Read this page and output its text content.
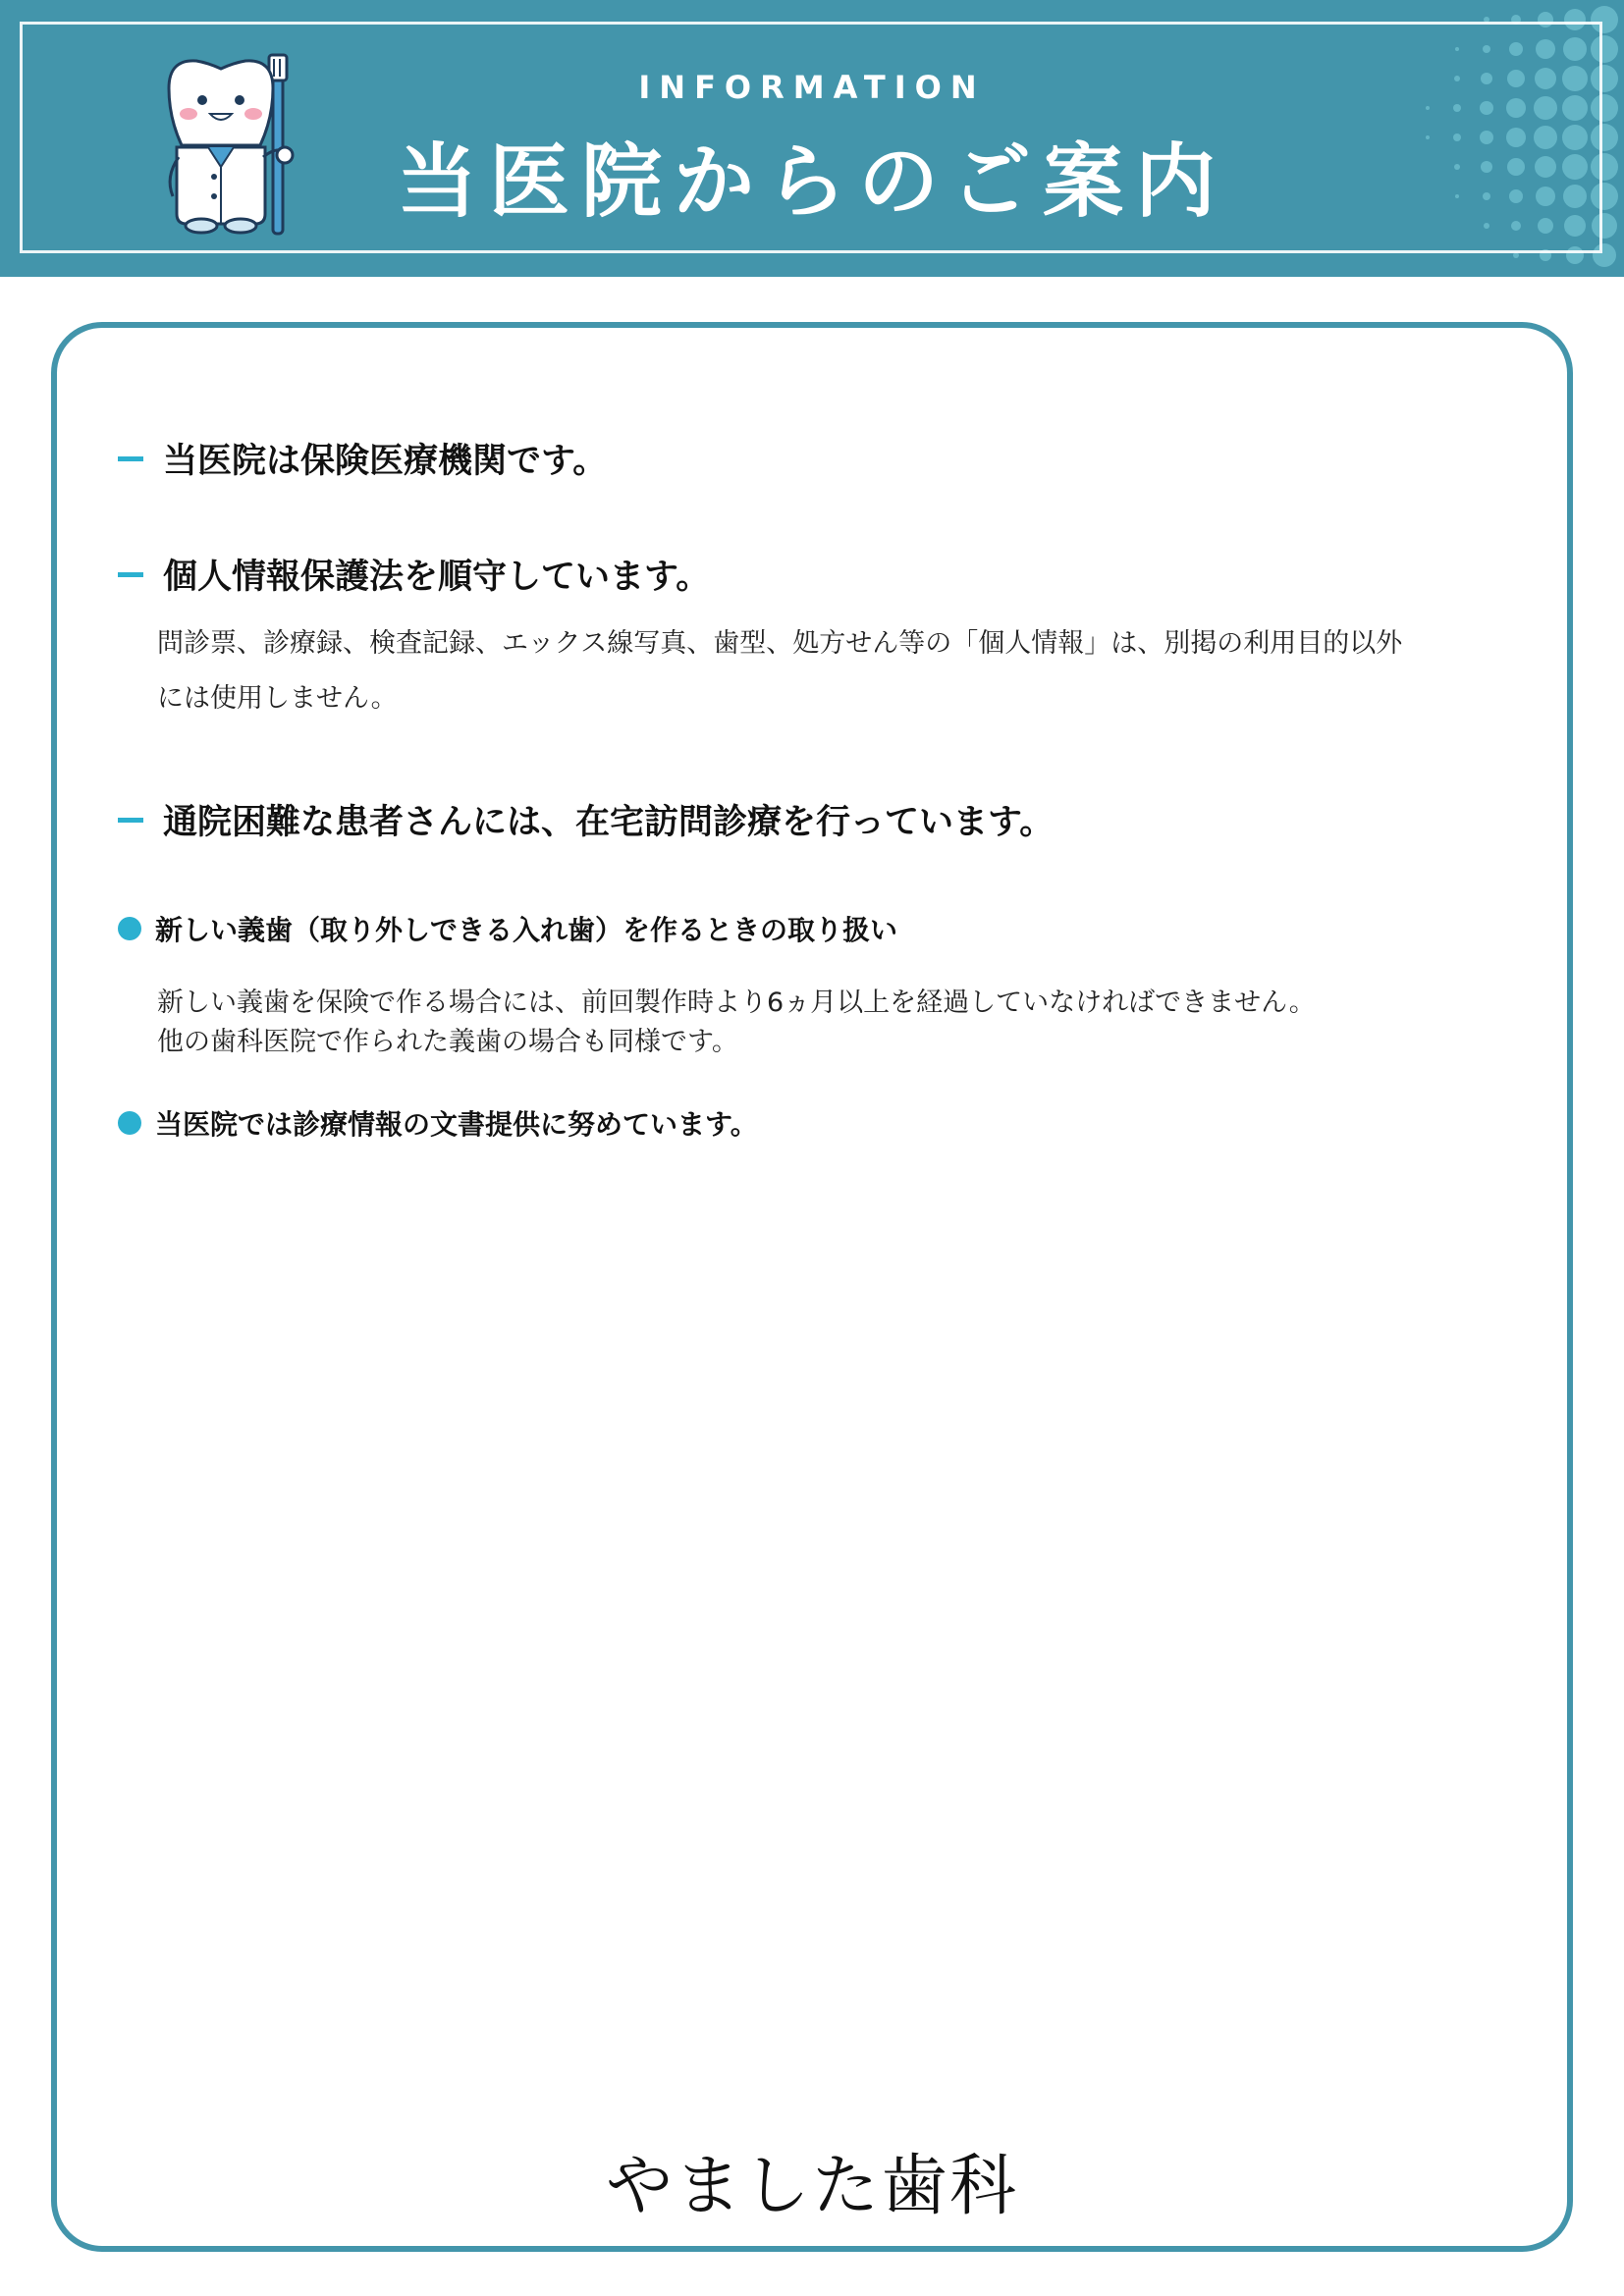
INFORMATION
当医院からのご案内
当医院は保険医療機関です。
個人情報保護法を順守しています。
問診票、診療録、検査記録、エックス線写真、歯型、処方せん等の「個人情報」は、別掲の利用目的以外
には使用しません。
通院困難な患者さんには、在宅訪問診療を行っています。
新しい義歯（取り外しできる入れ歯）を作るときの取り扱い
新しい義歯を保険で作る場合には、前回製作時より6ヵ月以上を経過していなければできません。
他の歯科医院で作られた義歯の場合も同様です。
当医院では診療情報の文書提供に努めています。
やました歯科
